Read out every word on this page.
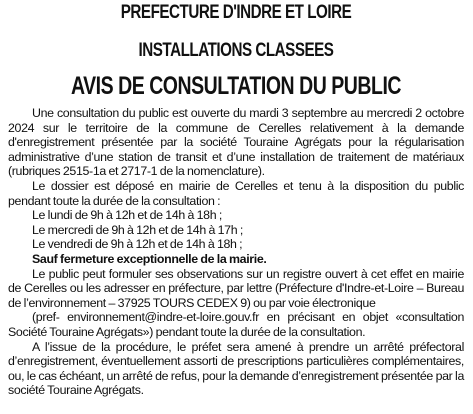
PREFECTURE D'INDRE ET LOIRE
INSTALLATIONS CLASSEES
AVIS DE CONSULTATION DU PUBLIC

Une consultation du public est ouverte du mardi 3 septembre au mercredi 2 octobre 2024 sur le territoire de la commune de Cerelles relativement à la demande d'enregistrement présentée par la société Touraine Agrégats pour la régularisation administrative d’une station de transit et d’une installation de traitement de matériaux (rubriques 2515-1a et 2717-1 de la nomenclature).

Le dossier est déposé en mairie de Cerelles et tenu à la disposition du public pendant toute la durée de la consultation :

Le lundi de 9h à 12h et de 14h à 18h ;
Le mercredi de 9h à 12h et de 14h à 17h ;
Le vendredi de 9h à 12h et de 14h à 18h ;
Sauf fermeture exceptionnelle de la mairie.

Le public peut formuler ses observations sur un registre ouvert à cet effet en mairie de Cerelles ou les adresser en préfecture, par lettre (Préfecture d'Indre-et-Loire – Bureau de l’environnement – 37925 TOURS CEDEX 9) ou par voie électronique

(pref- environnement@indre-et-loire.gouv.fr en précisant en objet «consultation Société Touraine Agrégats») pendant toute la durée de la consultation.

A l’issue de la procédure, le préfet sera amené à prendre un arrêté préfectoral d’enregistrement, éventuellement assorti de prescriptions particulières complémentaires, ou, le cas échéant, un arrêté de refus, pour la demande d’enregistrement présentée par la société Touraine Agrégats.
